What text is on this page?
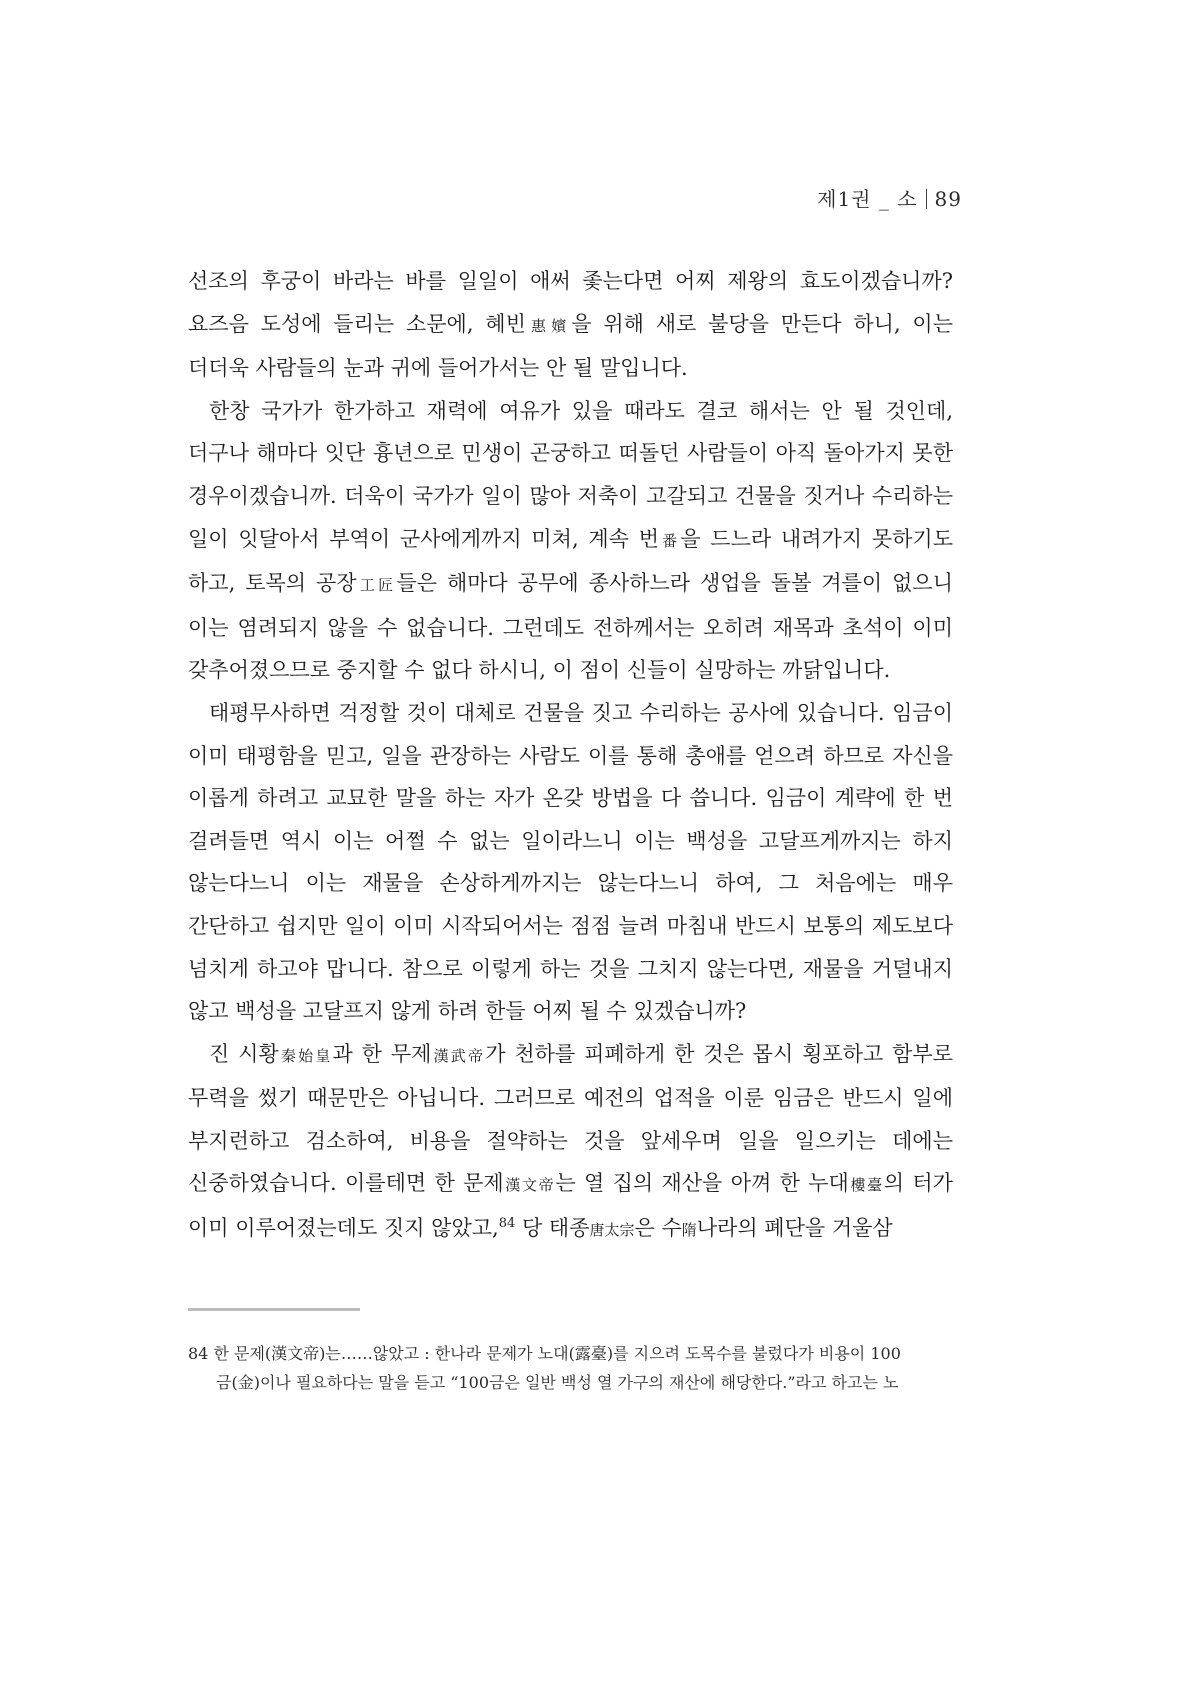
제1권 _ 소 89

선조의 후궁이 바라는 바를 일일이 애써 좇는다면 어찌 제왕의 효도이겠습니까? 요즈음 도성에 들리는 소문에, 혜빈惠嬪을 위해 새로 불당을 만든다 하니, 이는 더더욱 사람들의 눈과 귀에 들어가서는 안 될 말입니다.

한창 국가가 한가하고 재력에 여유가 있을 때라도 결코 해서는 안 될 것인데, 더구나 해마다 잇단 흉년으로 민생이 곤궁하고 떠돌던 사람들이 아직 돌아가지 못한 경우이겠습니까. 더욱이 국가가 일이 많아 저축이 고갈되고 건물을 짓거나 수리하는 일이 잇달아서 부역이 군사에게까지 미쳐, 계속 번番을 드느라 내려가지 못하기도 하고, 토목의 공장工匠들은 해마다 공무에 종사하느라 생업을 돌볼 겨를이 없으니 이는 염려되지 않을 수 없습니다. 그런데도 전하께서는 오히려 재목과 초석이 이미 갖추어졌으므로 중지할 수 없다 하시니, 이 점이 신들이 실망하는 까닭입니다.

태평무사하면 걱정할 것이 대체로 건물을 짓고 수리하는 공사에 있습니다. 임금이 이미 태평함을 믿고, 일을 관장하는 사람도 이를 통해 총애를 얻으려 하므로 자신을 이롭게 하려고 교묘한 말을 하는 자가 온갖 방법을 다 씁니다. 임금이 계략에 한 번 걸려들면 역시 이는 어쩔 수 없는 일이라느니 이는 백성을 고달프게까지는 하지 않는다느니 이는 재물을 손상하게까지는 않는다느니 하여, 그 처음에는 매우 간단하고 쉽지만 일이 이미 시작되어서는 점점 늘려 마침내 반드시 보통의 제도보다 넘치게 하고야 맙니다. 참으로 이렇게 하는 것을 그치지 않는다면, 재물을 거덜내지 않고 백성을 고달프지 않게 하려 한들 어찌 될 수 있겠습니까?

진 시황秦始皇과 한 무제漢武帝가 천하를 피폐하게 한 것은 몹시 횡포하고 함부로 무력을 썼기 때문만은 아닙니다. 그러므로 예전의 업적을 이룬 임금은 반드시 일에 부지런하고 검소하여, 비용을 절약하는 것을 앞세우며 일을 일으키는 데에는 신중하였습니다. 이를테면 한 문제漢文帝는 열 집의 재산을 아껴 한 누대樓臺의 터가 이미 이루어졌는데도 짓지 않았고,$^{84}$ 당 태종唐太宗은 수隋나라의 폐단을 거울삼

84 한 문제(漢文帝)는……않았고 : 한나라 문제가 노대(露臺)를 지으려 도목수를 불렀다가 비용이 100
금(金)이나 필요하다는 말을 듣고 “100금은 일반 백성 열 가구의 재산에 해당한다.”라고 하고는 노
